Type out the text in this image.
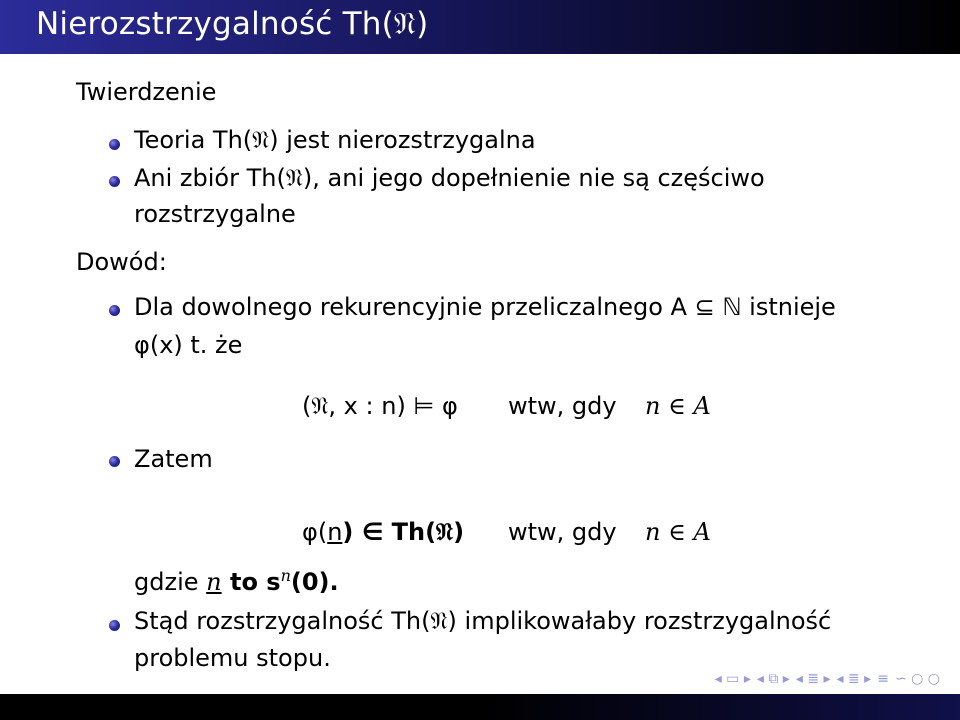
Nierozstrzygalność Th(𝔑)
Twierdzenie
Teoria Th(𝔑) jest nierozstrzygalna
Ani zbiór Th(𝔑), ani jego dopełnienie nie są częściwo
rozstrzygalne
Dowód:
Dla dowolnego rekurencyjnie przeliczalnego A ⊆ ℕ istnieje
φ(x) t. że
(𝔑, x : n) ⊨ φ wtw, gdy n ∈ A
Zatem
φ(n) ∈ Th(𝔑) wtw, gdy n ∈ A
gdzie n to $s^n(0)$.
Stąd rozstrzygalność Th(𝔑) implikowałaby rozstrzygalność
problemu stopu.
◂ ▭ ▸ ◂ ⧉ ▸ ◂ ≣ ▸ ◂ ≣ ▸ ≡ ∽ ○ ○
